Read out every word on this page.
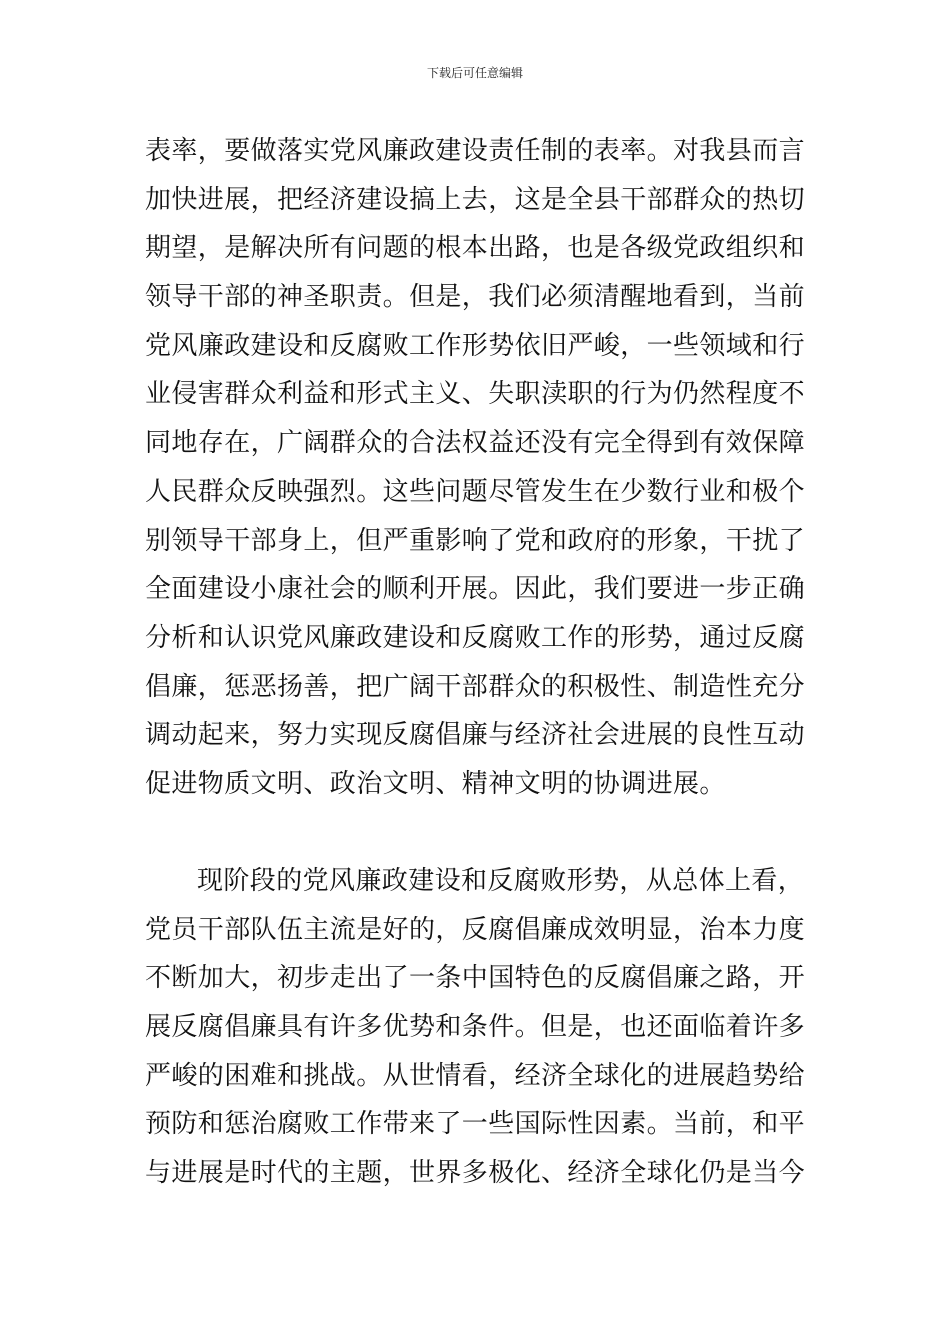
下载后可任意编辑
表率，要做落实党风廉政建设责任制的表率。对我县而言
加快进展，把经济建设搞上去，这是全县干部群众的热切
期望，是解决所有问题的根本出路，也是各级党政组织和
领导干部的神圣职责。但是，我们必须清醒地看到，当前
党风廉政建设和反腐败工作形势依旧严峻，一些领域和行
业侵害群众利益和形式主义、失职渎职的行为仍然程度不
同地存在，广阔群众的合法权益还没有完全得到有效保障
人民群众反映强烈。这些问题尽管发生在少数行业和极个
别领导干部身上，但严重影响了党和政府的形象，干扰了
全面建设小康社会的顺利开展。因此，我们要进一步正确
分析和认识党风廉政建设和反腐败工作的形势，通过反腐
倡廉，惩恶扬善，把广阔干部群众的积极性、制造性充分
调动起来，努力实现反腐倡廉与经济社会进展的良性互动
促进物质文明、政治文明、精神文明的协调进展。
现阶段的党风廉政建设和反腐败形势，从总体上看，
党员干部队伍主流是好的，反腐倡廉成效明显，治本力度
不断加大，初步走出了一条中国特色的反腐倡廉之路，开
展反腐倡廉具有许多优势和条件。但是，也还面临着许多
严峻的困难和挑战。从世情看，经济全球化的进展趋势给
预防和惩治腐败工作带来了一些国际性因素。当前，和平
与进展是时代的主题，世界多极化、经济全球化仍是当今
